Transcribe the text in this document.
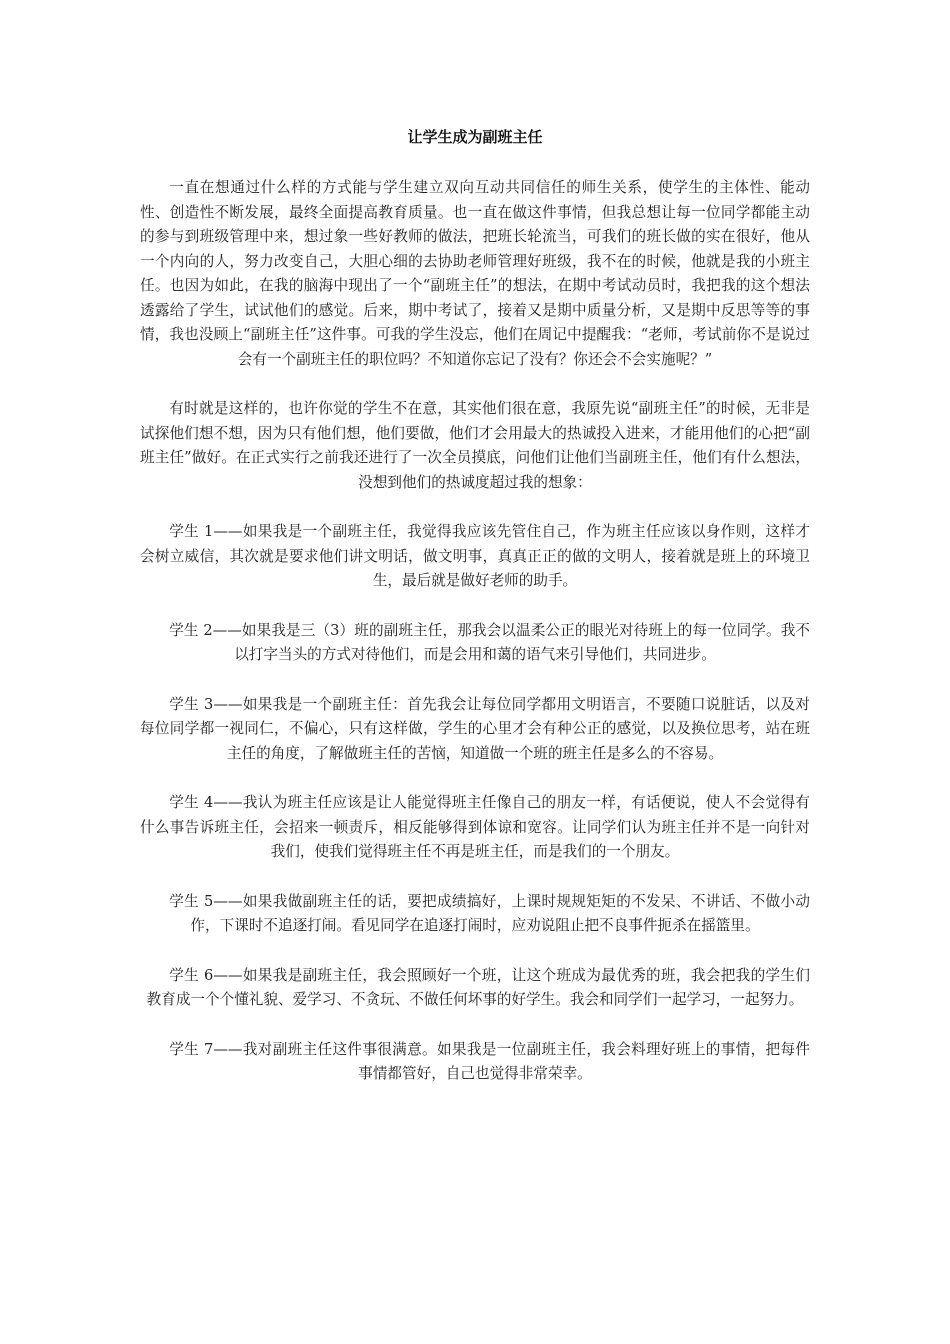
让学生成为副班主任

一直在想通过什么样的方式能与学生建立双向互动共同信任的师生关系，使学生的主体性、能动性、创造性不断发展，最终全面提高教育质量。也一直在做这件事情，但我总想让每一位同学都能主动的参与到班级管理中来，想过象一些好教师的做法，把班长轮流当，可我们的班长做的实在很好，他从一个内向的人，努力改变自己，大胆心细的去协助老师管理好班级，我不在的时候，他就是我的小班主任。也因为如此，在我的脑海中现出了一个“副班主任”的想法，在期中考试动员时，我把我的这个想法透露给了学生，试试他们的感觉。后来，期中考试了，接着又是期中质量分析，又是期中反思等等的事情，我也没顾上“副班主任”这件事。可我的学生没忘，他们在周记中提醒我：“老师，考试前你不是说过会有一个副班主任的职位吗？不知道你忘记了没有？你还会不会实施呢？”

有时就是这样的，也许你觉的学生不在意，其实他们很在意，我原先说“副班主任”的时候，无非是试探他们想不想，因为只有他们想，他们要做，他们才会用最大的热诚投入进来，才能用他们的心把“副班主任”做好。在正式实行之前我还进行了一次全员摸底，问他们让他们当副班主任，他们有什么想法，没想到他们的热诚度超过我的想象：

学生 1——如果我是一个副班主任，我觉得我应该先管住自己，作为班主任应该以身作则，这样才会树立威信，其次就是要求他们讲文明话，做文明事，真真正正的做的文明人，接着就是班上的环境卫生，最后就是做好老师的助手。

学生 2——如果我是三（3）班的副班主任，那我会以温柔公正的眼光对待班上的每一位同学。我不以打字当头的方式对待他们，而是会用和蔼的语气来引导他们，共同进步。

学生 3——如果我是一个副班主任：首先我会让每位同学都用文明语言，不要随口说脏话，以及对每位同学都一视同仁，不偏心，只有这样做，学生的心里才会有种公正的感觉，以及换位思考，站在班主任的角度，了解做班主任的苦恼，知道做一个班的班主任是多么的不容易。

学生 4——我认为班主任应该是让人能觉得班主任像自己的朋友一样，有话便说，使人不会觉得有什么事告诉班主任，会招来一顿责斥，相反能够得到体谅和宽容。让同学们认为班主任并不是一向针对我们，使我们觉得班主任不再是班主任，而是我们的一个朋友。

学生 5——如果我做副班主任的话，要把成绩搞好，上课时规规矩矩的不发呆、不讲话、不做小动作，下课时不追逐打闹。看见同学在追逐打闹时，应劝说阻止把不良事件扼杀在摇篮里。

学生 6——如果我是副班主任，我会照顾好一个班，让这个班成为最优秀的班，我会把我的学生们教育成一个个懂礼貌、爱学习、不贪玩、不做任何坏事的好学生。我会和同学们一起学习，一起努力。

学生 7——我对副班主任这件事很满意。如果我是一位副班主任，我会料理好班上的事情，把每件事情都管好，自己也觉得非常荣幸。
